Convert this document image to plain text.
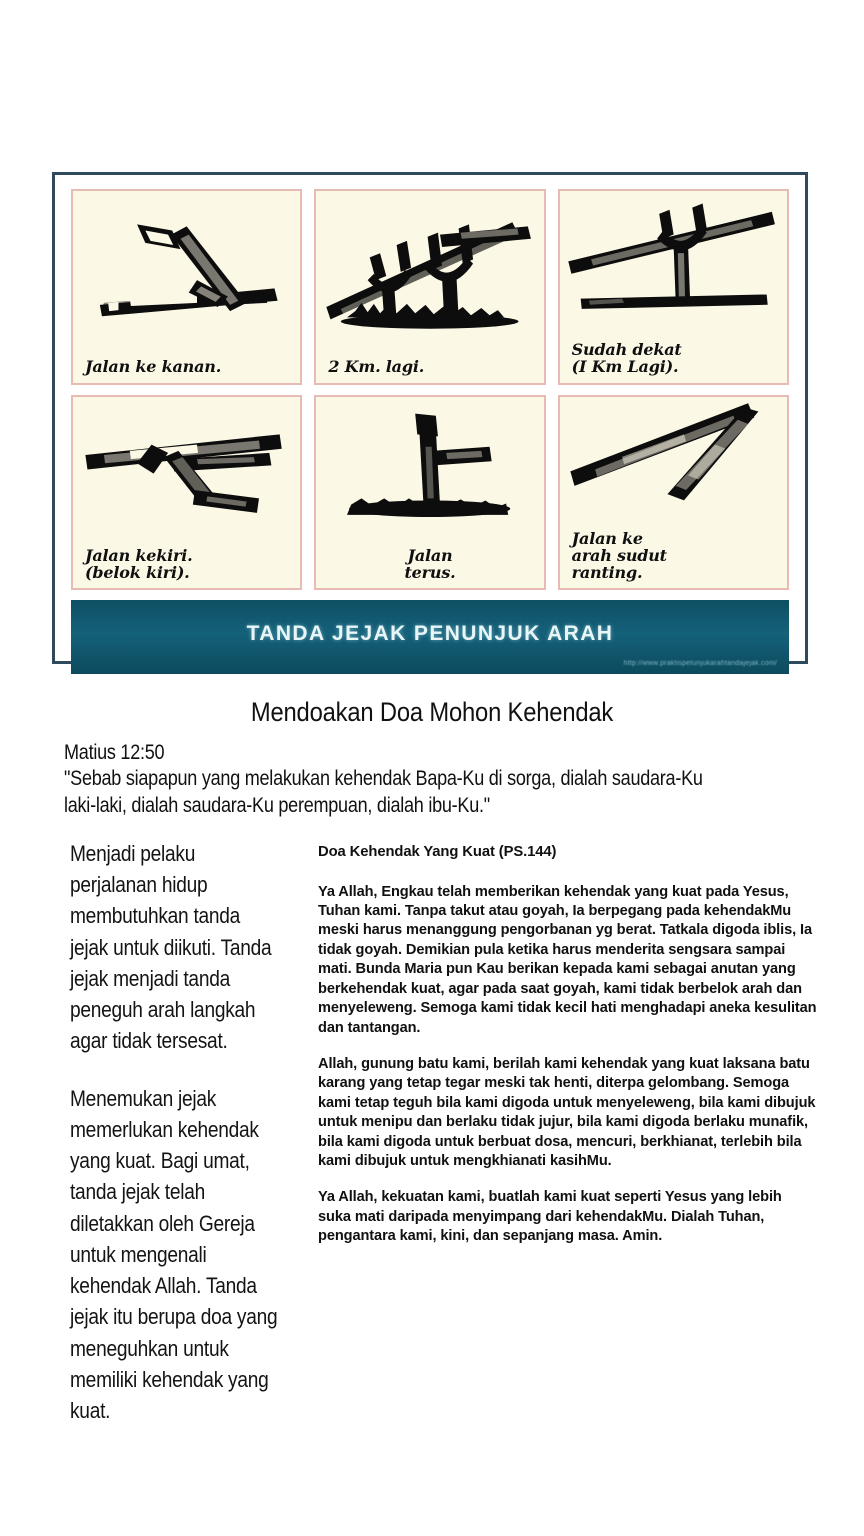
Jalan ke kanan.	2 Km. lagi.
Sudah dekat
(I Km Lagi).
Jalan kekiri.
(belok kiri).
Jalan
terus.
Jalan ke
arah sudut
ranting.
TANDA JEJAK PENUNJUK ARAH
http://www.praktispetunjukarahtandajejak.com/
Mendoakan Doa Mohon Kehendak
Matius 12:50
"Sebab siapapun yang melakukan kehendak Bapa-Ku di sorga, dialah saudara-Ku laki-laki, dialah saudara-Ku perempuan, dialah ibu-Ku."

Menjadi pelaku perjalanan hidup membutuhkan tanda jejak untuk diikuti. Tanda jejak menjadi tanda peneguh arah langkah agar tidak tersesat.

Menemukan jejak memerlukan kehendak yang kuat. Bagi umat, tanda jejak telah diletakkan oleh Gereja untuk mengenali kehendak Allah. Tanda jejak itu berupa doa yang meneguhkan untuk memiliki kehendak yang kuat.

Doa Kehendak Yang Kuat (PS.144)

Ya Allah, Engkau telah memberikan kehendak yang kuat pada Yesus, Tuhan kami. Tanpa takut atau goyah, Ia berpegang pada kehendakMu meski harus menanggung pengorbanan yg berat. Tatkala digoda iblis, Ia tidak goyah. Demikian pula ketika harus menderita sengsara sampai mati. Bunda Maria pun Kau berikan kepada kami sebagai anutan yang berkehendak kuat, agar pada saat goyah, kami tidak berbelok arah dan menyeleweng. Semoga kami tidak kecil hati menghadapi aneka kesulitan dan tantangan.

Allah, gunung batu kami, berilah kami kehendak yang kuat laksana batu karang yang tetap tegar meski tak henti, diterpa gelombang. Semoga kami tetap teguh bila kami digoda untuk menyeleweng, bila kami dibujuk untuk menipu dan berlaku tidak jujur, bila kami digoda berlaku munafik, bila kami digoda untuk berbuat dosa, mencuri, berkhianat, terlebih bila kami dibujuk untuk mengkhianati kasihMu.

Ya Allah, kekuatan kami, buatlah kami kuat seperti Yesus yang lebih suka mati daripada menyimpang dari kehendakMu. Dialah Tuhan, pengantara kami, kini, dan sepanjang masa. Amin.
